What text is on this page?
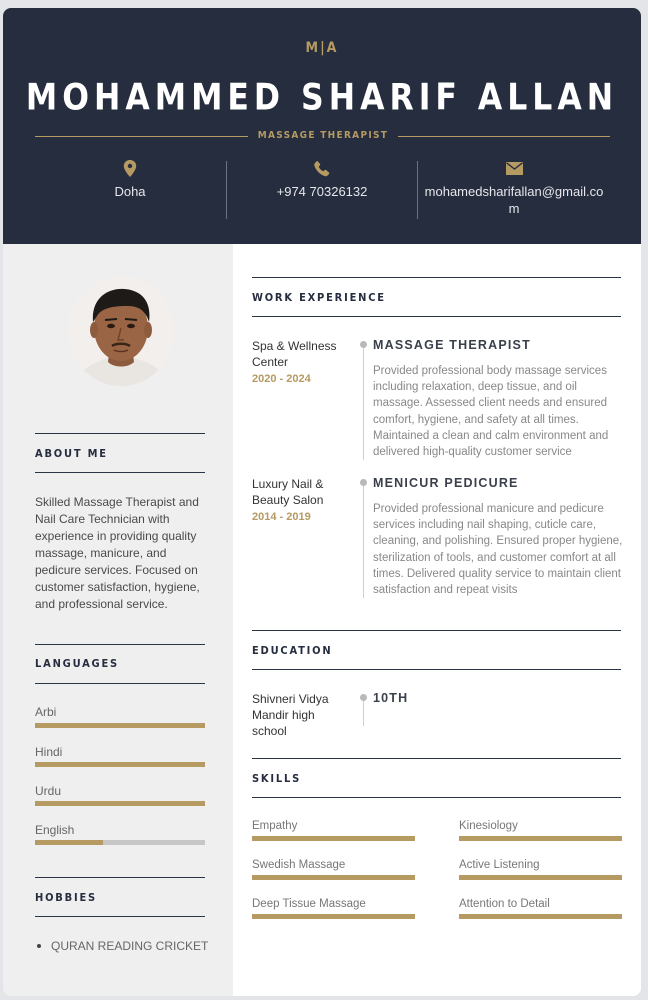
M|A
MOHAMMED SHARIF ALLAN
MASSAGE THERAPIST
Doha	+974 70326132	mohamedsharifallan@gmail.com
ABOUT ME
Skilled Massage Therapist and Nail Care Technician with experience in providing quality massage, manicure, and pedicure services. Focused on customer satisfaction, hygiene, and professional service.
LANGUAGES
Arbi
Hindi
Urdu
English
HOBBIES
QURAN READING CRICKET
WORK EXPERIENCE
Spa & Wellness Center
2020 - 2024
MASSAGE THERAPIST
Provided professional body massage services including relaxation, deep tissue, and oil massage. Assessed client needs and ensured comfort, hygiene, and safety at all times. Maintained a clean and calm environment and delivered high-quality customer service
Luxury Nail & Beauty Salon
2014 - 2019
MENICUR PEDICURE
Provided professional manicure and pedicure services including nail shaping, cuticle care, cleaning, and polishing. Ensured proper hygiene, sterilization of tools, and customer comfort at all times. Delivered quality service to maintain client satisfaction and repeat visits
EDUCATION
Shivneri Vidya Mandir high school
10TH
SKILLS
Empathy	Kinesiology
Swedish Massage	Active Listening
Deep Tissue Massage	Attention to Detail
